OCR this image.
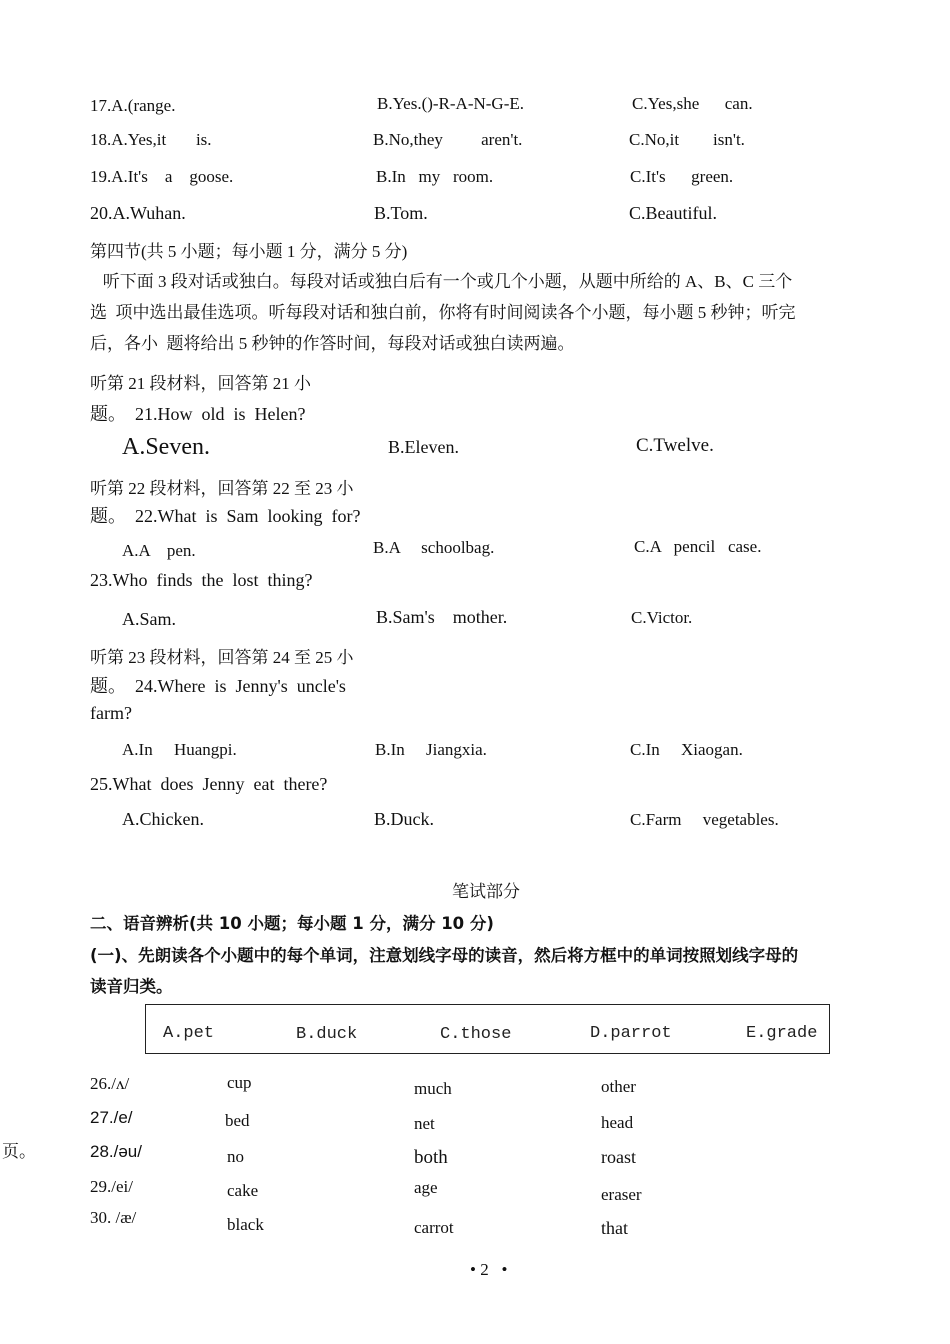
17.A.(range.	B.Yes.()-R-A-N-G-E.	C.Yes,she      can.
18.A.Yes,it       is.	B.No,they         aren't.	C.No,it        isn't.
19.A.It's    a    goose.	B.In   my   room.	C.It's      green.
20.A.Wuhan.	B.Tom.	C.Beautiful.
第四节(共 5 小题；每小题 1 分，满分 5 分)

听下面 3 段对话或独白。每段对话或独白后有一个或几个小题，从题中所给的 A、B、C 三个

选  项中选出最佳选项。听每段对话和独白前，你将有时间阅读各个小题，每小题 5 秒钟；听完

后，各小  题将给出 5 秒钟的作答时间，每段对话或独白读两遍。

听第 21 段材料，回答第 21 小
题。  21.How  old  is  Helen?
A.Seven.	B.Eleven.	C.Twelve.
听第 22 段材料，回答第 22 至 23 小
题。  22.What  is  Sam  looking  for?
A.A    pen.	B.A     schoolbag.	C.A   pencil   case.
23.Who  finds  the  lost  thing?
A.Sam.	B.Sam's    mother.	C.Victor.
听第 23 段材料，回答第 24 至 25 小
题。  24.Where  is  Jenny's  uncle's
farm?
A.In     Huangpi.	B.In     Jiangxia.	C.In     Xiaogan.
25.What  does  Jenny  eat  there?
A.Chicken.	B.Duck.	C.Farm     vegetables.
笔试部分
二、语音辨析(共 10 小题；每小题 1 分，满分 10 分)
(一)、先朗读各个小题中的每个单词，注意划线字母的读音，然后将方框中的单词按照划线字母的
读音归类。
A.pet	B.duck	C.those	D.parrot	E.grade
26./ʌ/	cup	much	other
27./e/	bed	net	head
28./əu/	no	both	roast
29./ei/	cake	age	eraser
30. /æ/	black	carrot	that
页。
• 2   •
